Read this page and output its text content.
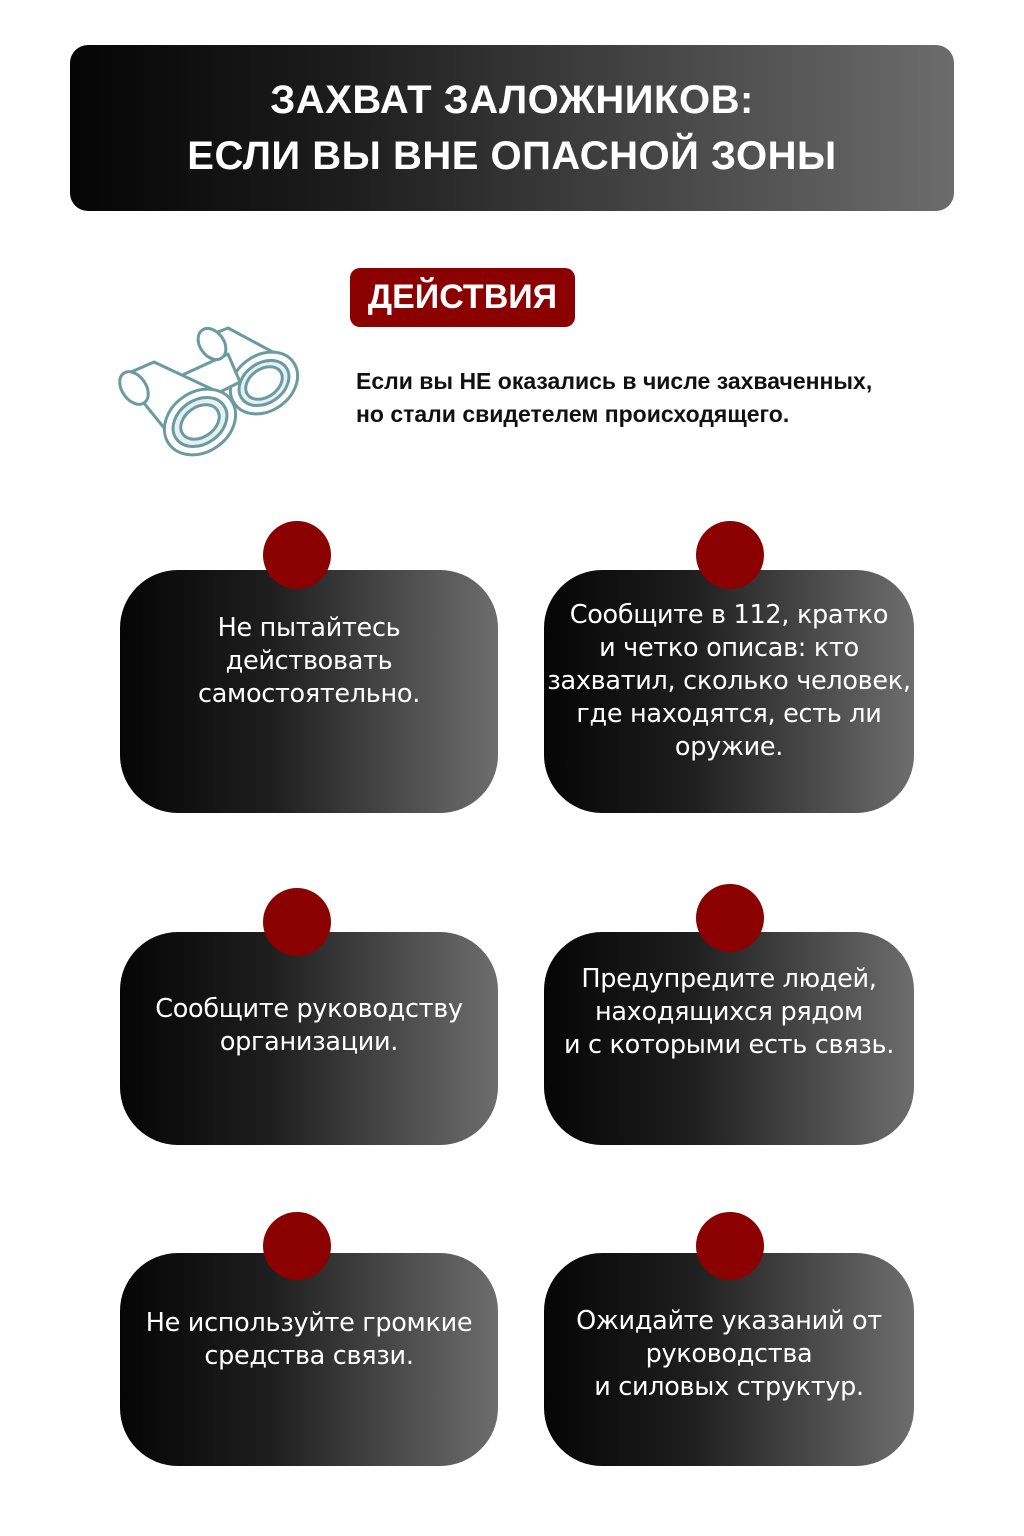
ЗАХВАТ ЗАЛОЖНИКОВ:
ЕСЛИ ВЫ ВНЕ ОПАСНОЙ ЗОНЫ
ДЕЙСТВИЯ
Если вы НЕ оказались в числе захваченных,
но стали свидетелем происходящего.
Не пытайтесь
действовать
самостоятельно.
Сообщите в 112, кратко
и четко описав: кто
захватил, сколько человек,
где находятся, есть ли
оружие.
Сообщите руководству
организации.
Предупредите людей,
находящихся рядом
и с которыми есть связь.
Не используйте громкие
средства связи.
Ожидайте указаний от
руководства
и силовых структур.
